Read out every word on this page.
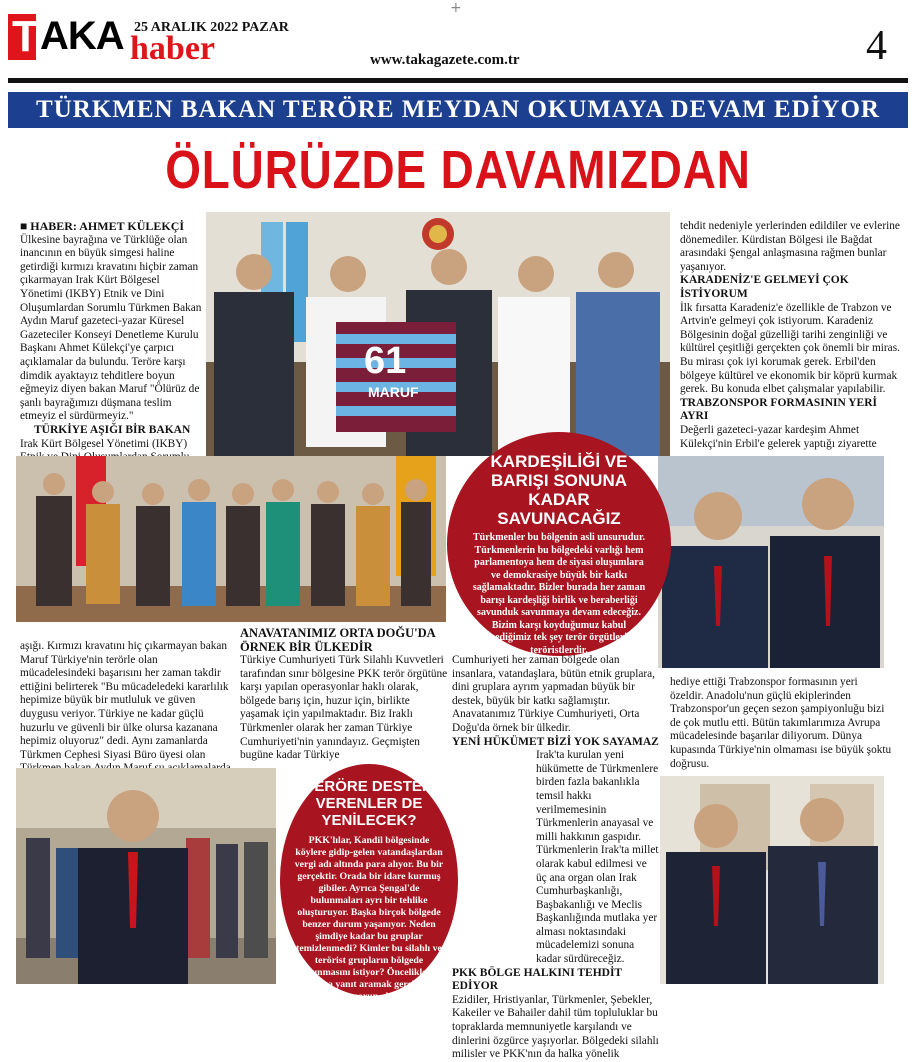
T AKA 25 ARALIK 2022 PAZAR
haber	www.takagazete.com.tr	4
+
TÜRKMEN BAKAN TERÖRE MEYDAN OKUMAYA DEVAM EDİYOR
ÖLÜRÜZDE DAVAMIZDAN

■ HABER: AHMET KÜLEKÇİ

Ülkesine bayrağına ve Türklüğe olan inancının en büyük simgesi haline getirdiği kırmızı kravatını hiçbir zaman çıkarmayan Irak Kürt Bölgesel Yönetimi (IKBY) Etnik ve Dini Oluşumlardan Sorumlu Türkmen Bakan Aydın Maruf gazeteci-yazar Küresel Gazeteciler Konseyi Denetleme Kurulu Başkanı Ahmet Külekçi'ye çarpıcı açıklamalar da bulundu. Teröre karşı dimdik ayaktayız tehditlere boyun eğmeyiz diyen bakan Maruf "Ölürüz de şanlı bayrağımızı düşmana teslim etmeyiz el sürdürmeyiz."

TÜRKİYE AŞIĞI BİR BAKAN

Irak Kürt Bölgesel Yönetimi (IKBY)

61
MARUF

tehdit nedeniyle yerlerinden edildiler ve evlerine dönemediler. Kürdistan Bölgesi ile Bağdat arasındaki Şengal anlaşmasına rağmen bunlar yaşanıyor.

KARADENİZ'E GELMEYİ ÇOK İSTİYORUM

İlk fırsatta Karadeniz'e özellikle de Trabzon ve Artvin'e gelmeyi çok istiyorum. Karadeniz Bölgesinin doğal güzelliği tarihi zenginliği ve kültürel çeşitliği gerçekten çok önemli bir miras. Bu mirası çok iyi korumak gerek. Erbil'den bölgeye kültürel ve ekonomik bir köprü kurmak gerek. Bu konuda elbet çalışmalar yapılabilir.

TRABZONSPOR FORMASININ YERİ AYRI

Değerli gazeteci-yazar kardeşim Ahmet Külekçi'nin Erbil'e gelerek yaptığı ziyarette

KARDEŞİLİĞİ VE BARIŞI SONUNA KADAR SAVUNACAĞIZ
Türkmenler bu bölgenin asli unsurudur. Türkmenlerin bu bölgedeki varlığı hem parlamentoya hem de siyasi oluşumlara ve demokrasiye büyük bir katkı sağlamaktadır. Bizler burada her zaman barışı kardeşliği birlik ve beraberliği savunduk savunmaya devam edeceğiz. Bizim karşı koyduğumuz kabul etmediğimiz tek şey terör örgütleri ve teröristlerdir.

aşığı. Kırmızı kravatını hiç çıkarmayan bakan Maruf Türkiye'nin terörle olan mücadelesindeki başarısını her zaman takdir ettiğini belirterek "Bu mücadeledeki kararlılık hepimize büyük bir mutluluk ve güven duygusu veriyor. Türkiye ne kadar güçlü huzurlu ve güvenli bir ülke olursa kazanana hepimiz oluyoruz" dedi. Aynı zamanlarda Türkmen Cephesi Siyasi Büro üyesi olan

ANAVATANIMIZ ORTA DOĞU'DA ÖRNEK BİR ÜLKEDİR

Türkiye Cumhuriyeti Türk Silahlı Kuvvetleri tarafından sınır bölgesine PKK terör örgütüne karşı yapılan operasyonlar haklı olarak, bölgede barış için, huzur için, birlikte yaşamak için yapılmaktadır. Biz Iraklı Türkmenler olarak her zaman Türkiye Cumhuriyeti'nin yanındayız. Geçmişten bugüne kadar Türkiye

Cumhuriyeti her zaman bölgede olan insanlara, vatandaşlara, bütün etnik gruplara, dini gruplara ayrım yapmadan büyük bir destek, büyük bir katkı sağlamıştır. Anavatanımız Türkiye Cumhuriyeti, Orta Doğu'da örnek bir ülkedir.

YENİ HÜKÜMET BİZİ YOK SAYAMAZ

Irak'ta kurulan yeni hükümette de Türkmenlere birden fazla bakanlıkla temsil hakkı verilmemesinin Türkmenlerin anayasal ve milli hakkının gaspıdır. Türkmenlerin Irak'ta millet olarak kabul edilmesi ve üç ana organ olan Irak Cumhurbaşkanlığı, Başbakanlığı ve Meclis Başkanlığında mutlaka yer alması noktasındaki mücadelemizi sonuna kadar sürdüreceğiz.

PKK BÖLGE HALKINI TEHDİT EDİYOR

Ezidiler, Hristiyanlar, Türkmenler, Şebekler, Kakeiler ve Bahailer dahil tüm topluluklar bu topraklarda memnuniyetle karşılandı ve dinlerini özgürce yaşıyorlar. Bölgedeki silahlı milisler ve PKK'nın da halka yönelik

hediye ettiği Trabzonspor formasının yeri özeldir. Anadolu'nun güçlü ekiplerinden Trabzonspor'un geçen sezon şampiyonluğu bizi de çok mutlu etti. Bütün takımlarımıza Avrupa mücadelesinde başarılar diliyorum. Dünya kupasında Türkiye'nin olmaması ise büyük şoktu doğrusu.

TERÖRE DESTEK VERENLER DE YENİLECEK?
PKK'lılar, Kandil bölgesinde köylere gidip-gelen vatandaşlardan vergi adı altında para alıyor. Bu bir gerçektir. Orada bir idare kurmuş gibiler. Ayrıca Şengal'de bulunmaları ayrı bir tehlike oluşturuyor. Başka birçok bölgede benzer durum yaşanıyor. Neden şimdiye kadar bu gruplar temizlenmedi? Kimler bu silahlı ve terörist grupların bölgede bulunmasını istiyor? Öncelikle bu sorulara yanıt aramak gerekir. Bu herkes için sorun oluşturuyor.
